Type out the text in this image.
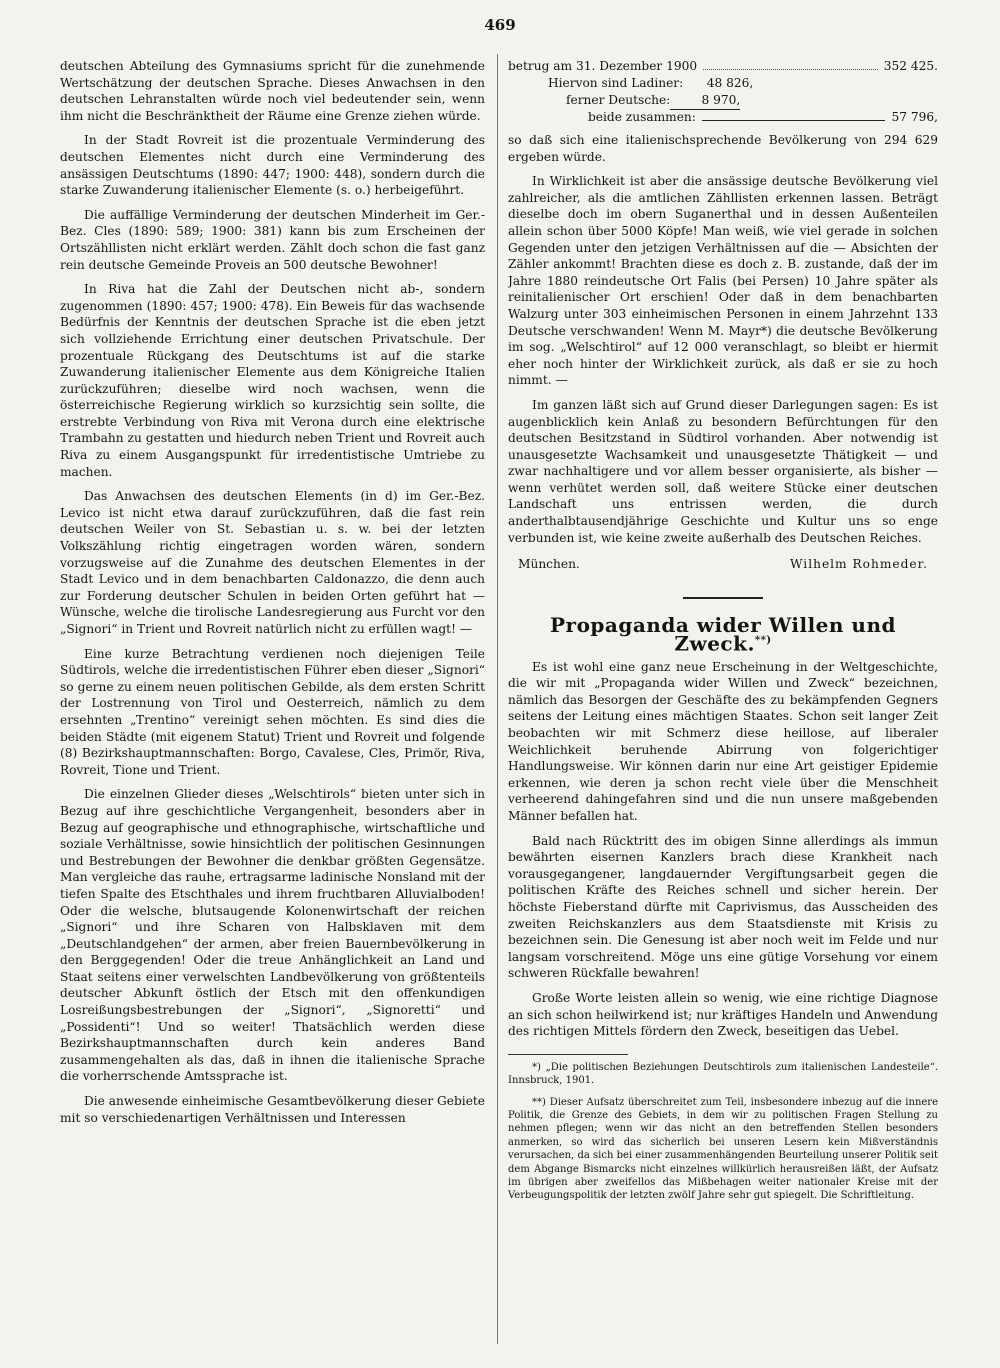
469

deutschen Abteilung des Gymnasiums spricht für die zunehmende Wertschätzung der deutschen Sprache. Dieses Anwachsen in den deutschen Lehranstalten würde noch viel bedeutender sein, wenn ihm nicht die Beschränktheit der Räume eine Grenze ziehen würde.

In der Stadt Rovreit ist die prozentuale Verminderung des deutschen Elementes nicht durch eine Verminderung des ansässigen Deutschtums (1890: 447; 1900: 448), sondern durch die starke Zuwanderung italienischer Elemente (s. o.) herbeigeführt.

Die auffällige Verminderung der deutschen Minderheit im Ger.-Bez. Cles (1890: 589; 1900: 381) kann bis zum Erscheinen der Ortszähllisten nicht erklärt werden. Zählt doch schon die fast ganz rein deutsche Gemeinde Proveis an 500 deutsche Bewohner!

In Riva hat die Zahl der Deutschen nicht ab-, sondern zugenommen (1890: 457; 1900: 478). Ein Beweis für das wachsende Bedürfnis der Kenntnis der deutschen Sprache ist die eben jetzt sich vollziehende Errichtung einer deutschen Privatschule. Der prozentuale Rückgang des Deutschtums ist auf die starke Zuwanderung italienischer Elemente aus dem Königreiche Italien zurückzuführen; dieselbe wird noch wachsen, wenn die österreichische Regierung wirklich so kurzsichtig sein sollte, die erstrebte Verbindung von Riva mit Verona durch eine elektrische Trambahn zu gestatten und hiedurch neben Trient und Rovreit auch Riva zu einem Ausgangspunkt für irredentistische Umtriebe zu machen.

Das Anwachsen des deutschen Elements (in d) im Ger.-Bez. Levico ist nicht etwa darauf zurückzuführen, daß die fast rein deutschen Weiler von St. Sebastian u. s. w. bei der letzten Volkszählung richtig eingetragen worden wären, sondern vorzugsweise auf die Zunahme des deutschen Elementes in der Stadt Levico und in dem benachbarten Caldonazzo, die denn auch zur Forderung deutscher Schulen in beiden Orten geführt hat — Wünsche, welche die tirolische Landesregierung aus Furcht vor den „Signori“ in Trient und Rovreit natürlich nicht zu erfüllen wagt! —

Eine kurze Betrachtung verdienen noch diejenigen Teile Südtirols, welche die irredentistischen Führer eben dieser „Signori“ so gerne zu einem neuen politischen Gebilde, als dem ersten Schritt der Lostrennung von Tirol und Oesterreich, nämlich zu dem ersehnten „Trentino“ vereinigt sehen möchten. Es sind dies die beiden Städte (mit eigenem Statut) Trient und Rovreit und folgende (8) Bezirkshauptmannschaften: Borgo, Cavalese, Cles, Primör, Riva, Rovreit, Tione und Trient.

Die einzelnen Glieder dieses „Welschtirols“ bieten unter sich in Bezug auf ihre geschichtliche Vergangenheit, besonders aber in Bezug auf geographische und ethnographische, wirtschaftliche und soziale Verhältnisse, sowie hinsichtlich der politischen Gesinnungen und Bestrebungen der Bewohner die denkbar größten Gegensätze. Man vergleiche das rauhe, ertragsarme ladinische Nonsland mit der tiefen Spalte des Etschthales und ihrem fruchtbaren Alluvialboden! Oder die welsche, blutsaugende Kolonenwirtschaft der reichen „Signori“ und ihre Scharen von Halbsklaven mit dem „Deutschlandgehen“ der armen, aber freien Bauernbevölkerung in den Berggegenden! Oder die treue Anhänglichkeit an Land und Staat seitens einer verwelschten Landbevölkerung von größtenteils deutscher Abkunft östlich der Etsch mit den offenkundigen Losreißungsbestrebungen der „Signori“, „Signoretti“ und „Possidenti“! Und so weiter! Thatsächlich werden diese Bezirkshauptmannschaften durch kein anderes Band zusammengehalten als das, daß in ihnen die italienische Sprache die vorherrschende Amtssprache ist.

Die anwesende einheimische Gesamtbevölkerung dieser Gebiete mit so verschiedenartigen Verhältnissen und Interessen

betrug am 31. Dezember 1900	352 425.
Hiervon sind Ladiner:	48 826,
ferner Deutsche:	8 970,
beide zusammen:	57 796,

so daß sich eine italienischsprechende Bevölkerung von 294 629 ergeben würde.

In Wirklichkeit ist aber die ansässige deutsche Bevölkerung viel zahlreicher, als die amtlichen Zähllisten erkennen lassen. Beträgt dieselbe doch im obern Suganerthal und in dessen Außenteilen allein schon über 5000 Köpfe! Man weiß, wie viel gerade in solchen Gegenden unter den jetzigen Verhältnissen auf die — Absichten der Zähler ankommt! Brachten diese es doch z. B. zustande, daß der im Jahre 1880 reindeutsche Ort Falis (bei Persen) 10 Jahre später als reinitalienischer Ort erschien! Oder daß in dem benachbarten Walzurg unter 303 einheimischen Personen in einem Jahrzehnt 133 Deutsche verschwanden! Wenn M. Mayr*) die deutsche Bevölkerung im sog. „Welschtirol“ auf 12 000 veranschlagt, so bleibt er hiermit eher noch hinter der Wirklichkeit zurück, als daß er sie zu hoch nimmt. —

Im ganzen läßt sich auf Grund dieser Darlegungen sagen: Es ist augenblicklich kein Anlaß zu besondern Befürchtungen für den deutschen Besitzstand in Südtirol vorhanden. Aber notwendig ist unausgesetzte Wachsamkeit und unausgesetzte Thätigkeit — und zwar nachhaltigere und vor allem besser organisierte, als bisher — wenn verhütet werden soll, daß weitere Stücke einer deutschen Landschaft uns entrissen werden, die durch anderthalbtausendjährige Geschichte und Kultur uns so enge verbunden ist, wie keine zweite außerhalb des Deutschen Reiches.

München.	Wilhelm Rohmeder.
Propaganda wider Willen und Zweck.**)

Es ist wohl eine ganz neue Erscheinung in der Weltgeschichte, die wir mit „Propaganda wider Willen und Zweck“ bezeichnen, nämlich das Besorgen der Geschäfte des zu bekämpfenden Gegners seitens der Leitung eines mächtigen Staates. Schon seit langer Zeit beobachten wir mit Schmerz diese heillose, auf liberaler Weichlichkeit beruhende Abirrung von folgerichtiger Handlungsweise. Wir können darin nur eine Art geistiger Epidemie erkennen, wie deren ja schon recht viele über die Menschheit verheerend dahingefahren sind und die nun unsere maßgebenden Männer befallen hat.

Bald nach Rücktritt des im obigen Sinne allerdings als immun bewährten eisernen Kanzlers brach diese Krankheit nach vorausgegangener, langdauernder Vergiftungsarbeit gegen die politischen Kräfte des Reiches schnell und sicher herein. Der höchste Fieberstand dürfte mit Caprivismus, das Ausscheiden des zweiten Reichskanzlers aus dem Staatsdienste mit Krisis zu bezeichnen sein. Die Genesung ist aber noch weit im Felde und nur langsam vorschreitend. Möge uns eine gütige Vorsehung vor einem schweren Rückfalle bewahren!

Große Worte leisten allein so wenig, wie eine richtige Diagnose an sich schon heilwirkend ist; nur kräftiges Handeln und Anwendung des richtigen Mittels fördern den Zweck, beseitigen das Uebel.

*) „Die politischen Beziehungen Deutschtirols zum italienischen Landesteile“. Innsbruck, 1901.

**) Dieser Aufsatz überschreitet zum Teil, insbesondere inbezug auf die innere Politik, die Grenze des Gebiets, in dem wir zu politischen Fragen Stellung zu nehmen pflegen; wenn wir das nicht an den betreffenden Stellen besonders anmerken, so wird das sicherlich bei unseren Lesern kein Mißverständnis verursachen, da sich bei einer zusammenhängenden Beurteilung unserer Politik seit dem Abgange Bismarcks nicht einzelnes willkürlich herausreißen läßt, der Aufsatz im übrigen aber zweifellos das Mißbehagen weiter nationaler Kreise mit der Verbeugungspolitik der letzten zwölf Jahre sehr gut spiegelt. Die Schriftleitung.
